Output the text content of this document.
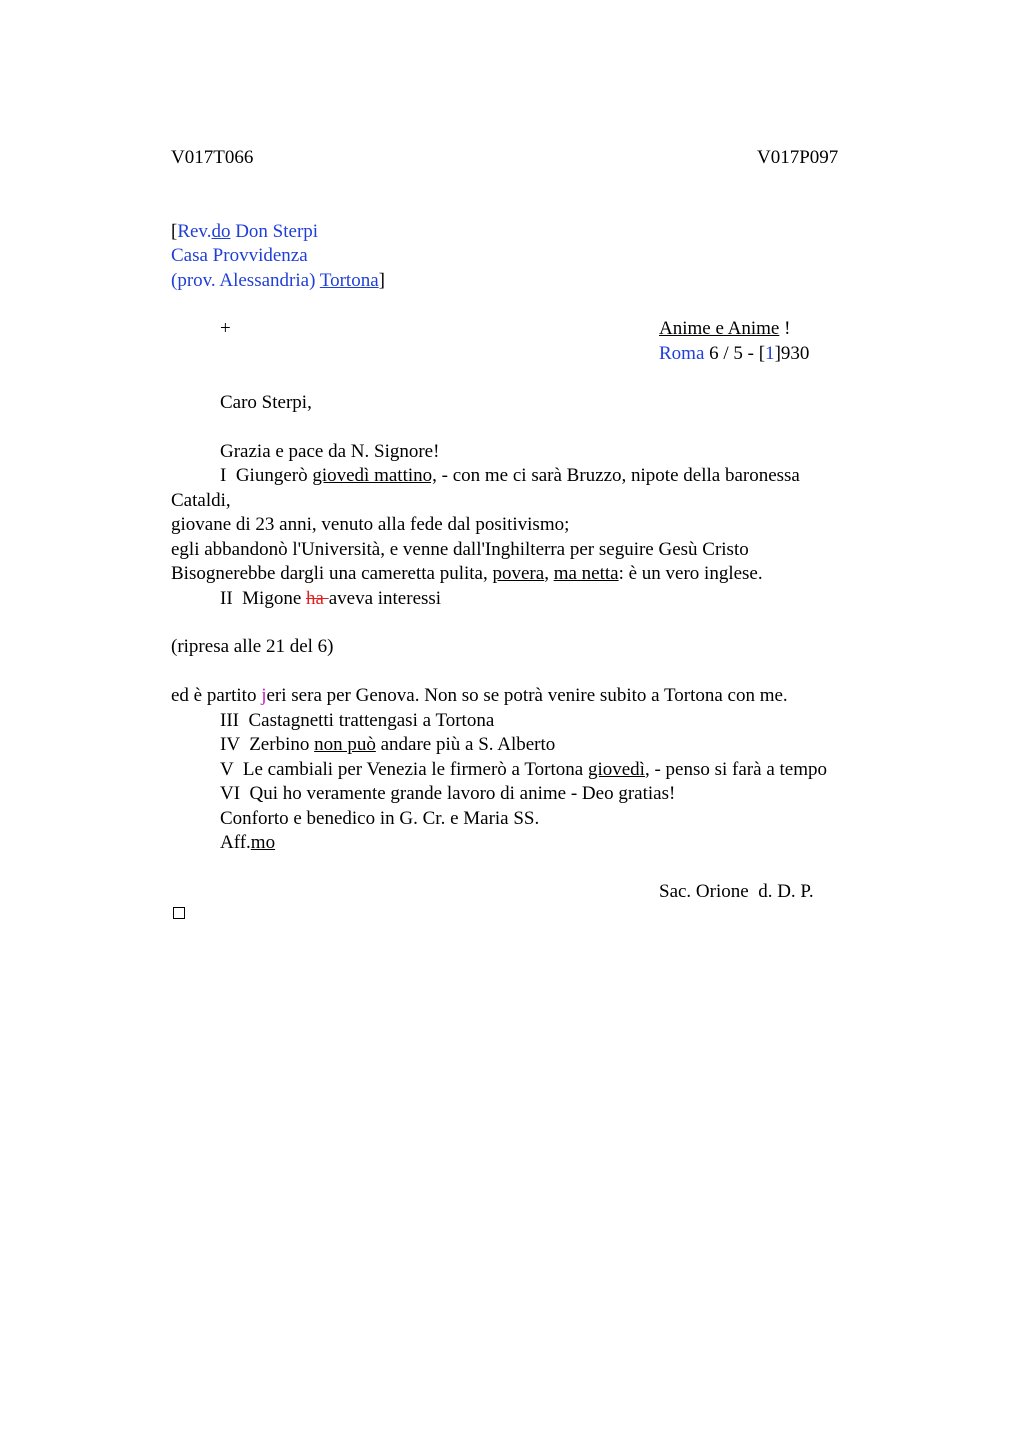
V017T066	V017P097
[Rev.do Don Sterpi
Casa Provvidenza
(prov. Alessandria) Tortona]
+	Anime e Anime !
Roma 6 / 5 - [1]930
Caro Sterpi,
Grazia e pace da N. Signore!
I  Giungerò giovedì mattino, - con me ci sarà Bruzzo, nipote della baronessa
Cataldi,
giovane di 23 anni, venuto alla fede dal positivismo;
egli abbandonò l'Università, e venne dall'Inghilterra per seguire Gesù Cristo
Bisognerebbe dargli una cameretta pulita, povera, ma netta: è un vero inglese.
II  Migone ha aveva interessi
(ripresa alle 21 del 6)
ed è partito jeri sera per Genova. Non so se potrà venire subito a Tortona con me.
III  Castagnetti trattengasi a Tortona
IV  Zerbino non può andare più a S. Alberto
V  Le cambiali per Venezia le firmerò a Tortona giovedì, - penso si farà a tempo
VI  Qui ho veramente grande lavoro di anime - Deo gratias!
Conforto e benedico in G. Cr. e Maria SS.
Aff.mo
Sac. Orione  d. D. P.
